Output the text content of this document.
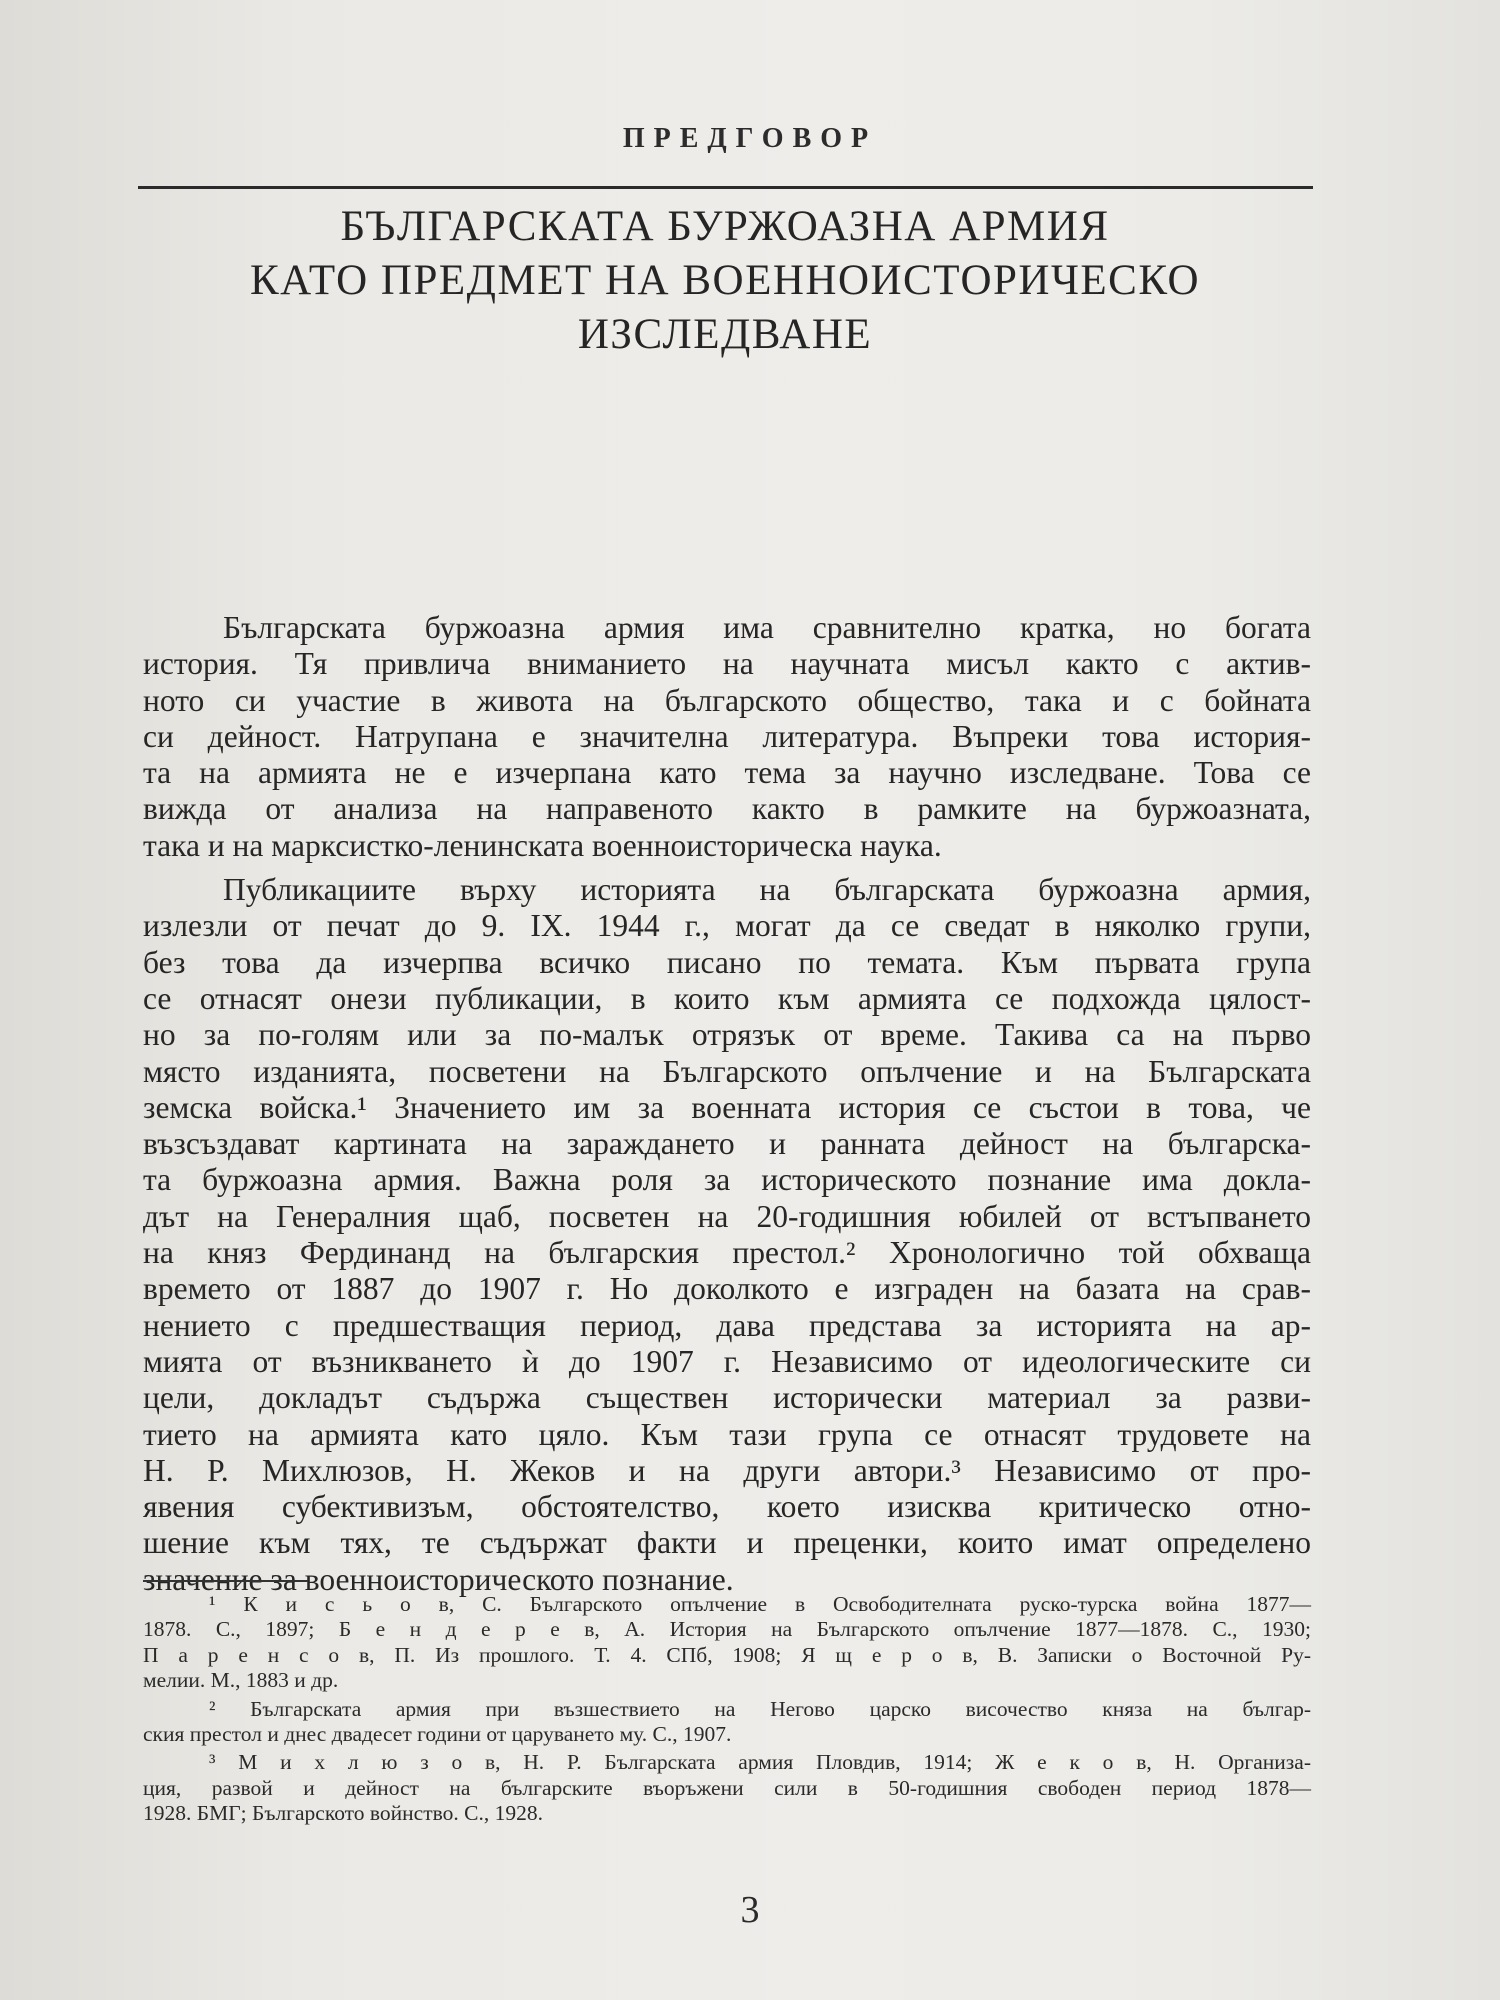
ПРЕДГОВОР
БЪЛГАРСКАТА БУРЖОАЗНА АРМИЯ
КАТО ПРЕДМЕТ НА ВОЕННОИСТОРИЧЕСКО
ИЗСЛЕДВАНЕ

Българската буржоазна армия има сравнително кратка, но богата
история. Тя привлича вниманието на научната мисъл както с актив-
ното си участие в живота на българското общество, така и с бойната
си дейност. Натрупана е значителна литература. Въпреки това история-
та на армията не е изчерпана като тема за научно изследване. Това се
вижда от анализа на направеното както в рамките на буржоазната,
така и на марксистко-ленинската военноисторическа наука.

Публикациите върху историята на българската буржоазна армия,
излезли от печат до 9. IX. 1944 г., могат да се сведат в няколко групи,
без това да изчерпва всичко писано по темата. Към първата група
се отнасят онези публикации, в които към армията се подхожда цялост-
но за по-голям или за по-малък отрязък от време. Такива са на първо
място изданията, посветени на Българското опълчение и на Българската
земска войска.¹ Значението им за военната история се състои в това, че
възсъздават картината на зараждането и ранната дейност на българска-
та буржоазна армия. Важна роля за историческото познание има доклa-
дът на Генералния щаб, посветен на 20-годишния юбилей от встъпването
на княз Фердинанд на българския престол.² Хронологично той обхваща
времето от 1887 до 1907 г. Но доколкото е изграден на базата на срав-
нението с предшестващия период, дава представа за историята на ар-
мията от възникването ѝ до 1907 г. Независимо от идеологическите си
цели, докладът съдържа съществен исторически материал за разви-
тието на армията като цяло. Към тази група се отнасят трудовете на
Н. Р. Михлюзов, Н. Жеков и на други автори.³ Независимо от про-
явения субективизъм, обстоятелство, което изисква критическо отно-
шение към тях, те съдържат факти и преценки, които имат определено
значение за военноисторическото познание.

¹ К и с ь о в, С. Българското опълчение в Освободителната руско-турска война 1877—
1878. С., 1897; Б е н д е р е в, А. История на Българското опълчение 1877—1878. С., 1930;
П а р е н с о в, П. Из прошлого. Т. 4. СПб, 1908; Я щ е р о в, В. Записки о Восточной Ру-
мелии. М., 1883 и др.
² Българската армия при възшествието на Негово царско височество княза на българ-
ския престол и днес двадесет години от царуването му. С., 1907.
³ М и х л ю з о в, Н. Р. Българската армия Пловдив, 1914; Ж е к о в, Н. Организа-
ция, развой и дейност на българските въоръжени сили в 50-годишния свободен период 1878—
1928. БМГ; Българското войнство. С., 1928.
3
